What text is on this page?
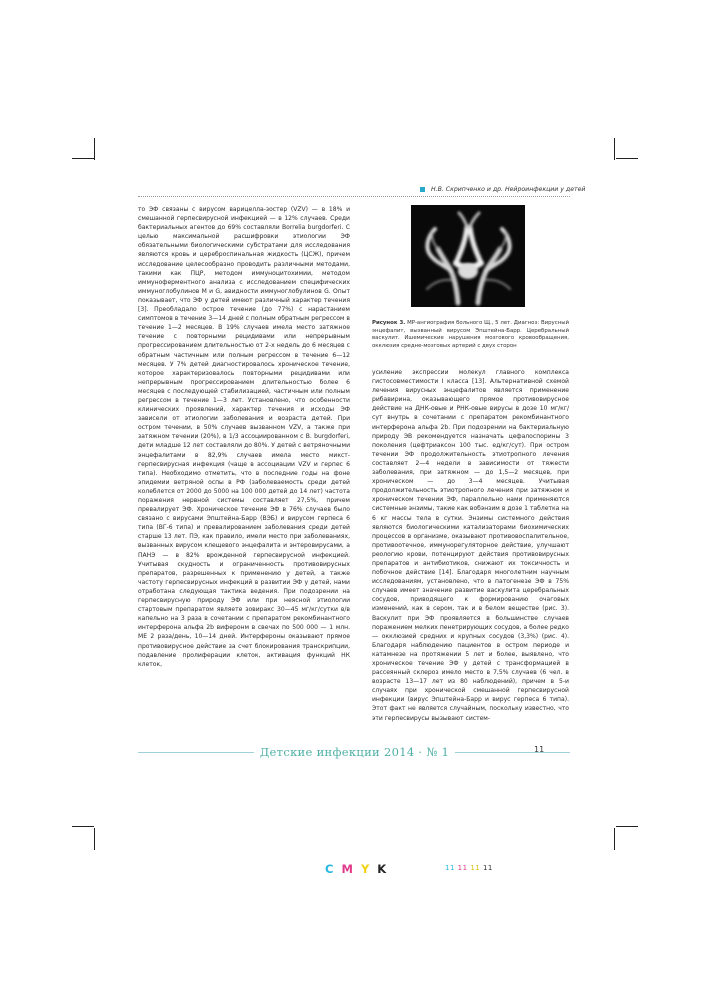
Н.В. Скрипченко и др. Нейроинфекции у детей

то ЭФ связаны с вирусом варицелла-зостер (VZV) — в 18% и смешанной герпесвирусной инфекцией — в 12% случаев. Среди бактериальных агентов до 69% составляли Borrelia burgdorferi. С целью максимальной расшифровки этиологии ЭФ обязательными биологическими субстратами для исследования являются кровь и цереброспинальная жидкость (ЦСЖ), причем исследование целесообразно проводить различными методами, такими как ПЦР, методом иммуноцитохимии, методом иммуноферментного анализа с исследованием специфических иммуноглобулинов M и G, авидности иммуноглобулинов G. Опыт показывает, что ЭФ у детей имеют различный характер течения [3]. Преобладало острое течение (до 77%) с нарастанием симптомов в течение 3—14 дней с полным обратным регрессом в течение 1—2 месяцев. В 19% случаев имела место затяжное течение с повторными рецидивами или непрерывным прогрессированием длительностью от 2-х недель до 6 месяцев с обратным частичным или полным регрессом в течение 6—12 месяцев. У 7% детей диагностировалось хроническое течение, которое характеризовалось повторными рецидивами или непрерывным прогрессированием длительностью более 6 месяцев с последующей стабилизацией, частичным или полным регрессом в течение 1—3 лет. Установлено, что особенности клинических проявлений, характер течения и исходы ЭФ зависели от этиологии заболевания и возраста детей. При остром течении, в 50% случаев вызванном VZV, а также при затяжном течении (20%), в 1/3 ассоциированном с B. burgdorferi, дети младше 12 лет составляли до 80%. У детей с ветряночными энцефалитами в 82,9% случаев имела место микст-герпесвирусная инфекция (чаще в ассоциации VZV и герпес 6 типа). Необходимо отметить, что в последние годы на фоне эпидемии ветряной оспы в РФ (заболеваемость среди детей колеблется от 2000 до 5000 на 100 000 детей до 14 лет) частота поражения нервной системы составляет 27,5%, причем превалирует ЭФ. Хроническое течение ЭФ в 76% случаев было связано с вирусами Эпштейна-Барр (ВЭБ) и вирусом герпеса 6 типа (ВГ-6 типа) и превалированием заболевания среди детей старше 13 лет. ПЭ, как правило, имели место при заболеваниях, вызванных вирусом клещевого энцефалита и энтеровирусами, а ПАНЭ — в 82% врожденной герпесвирусной инфекцией. Учитывая скудность и ограниченность противовирусных препаратов, разрешенных к применению у детей, а также частоту герпесвирусных инфекций в развитии ЭФ у детей, нами отработана следующая тактика ведения. При подозрении на герпесвирусную природу ЭФ или при неясной этиологии стартовым препаратом являете зовиракс 30—45 мг/кг/сутки в/в капельно на 3 раза в сочетании с препаратом рекомбинантного интерферона альфа 2b виферонм в свечах по 500 000 — 1 млн. МЕ 2 раза/день, 10—14 дней. Интерфероны оказывают прямое противовирусное действие за счет блокирования транскрипции, подавление пролиферации клеток, активация функций НК клеток,

Рисунок 3. МР-ангиография больного Щ., 5 лет. Диагноз: Вирусный энцефалит, вызванный вирусом Эпштейна-Барр. Церебральный васкулит. Ишемические нарушения мозгового кровообращения, окклюзия средне-мозговых артерий с двух сторон

усиление экспрессии молекул главного комплекса гистосовместимости I класса [13]. Альтернативной схемой лечения вирусных энцефалитов является применение рибавирина, оказывающего прямое противовирусное действие на ДНК-овые и РНК-овые вирусы в дозе 10 мг/кг/сут внутрь в сочетании с препаратом рекомбинантного интерферона альфа 2b. При подозрении на бактериальную природу ЭВ рекомендуется назначать цефалоспорины 3 поколения (цефтриаксон 100 тыс. ед/кг/сут). При остром течении ЭФ продолжительность этиотропного лечения составляет 2—4 недели в зависимости от тяжести заболевания, при затяжном — до 1,5—2 месяцев, при хроническом — до 3—4 месяцев. Учитывая продолжительность этиотропного лечения при затяжном и хроническом течении ЭФ, параллельно нами применяются системные энзимы, такие как вобэнзим в дозе 1 таблетка на 6 кг массы тела в сутки. Энзимы системного действия являются биологическими катализаторами биохимических процессов в организме, оказывают противовоспалительное, противоотечное, иммунорегуляторное действие, улучшают реологию крови, потенцируют действия противовирусных препаратов и антибиотиков, снижают их токсичность и побочное действие [14]. Благодаря многолетним научным исследованиям, установлено, что в патогенезе ЭФ в 75% случаев имеет значение развитие васкулита церебральных сосудов, приводящего к формированию очаговых изменений, как в сером, так и в белом веществе (рис. 3). Васкулит при ЭФ проявляется в большинстве случаев поражением мелких пенетрирующих сосудов, а более редко — окклюзией средних и крупных сосудов (3,3%) (рис. 4). Благодаря наблюдению пациентов в остром периоде и катамнезе на протяжении 5 лет и более, выявлено, что хроническое течение ЭФ у детей с трансформацией в рассеянный склероз имело место в 7,5% случаев (6 чел. в возрасте 13—17 лет из 80 наблюдений), причем в 5-и случаях при хронической смешанной герпесвирусной инфекции (вирус Эпштейна-Барр и вирус герпеса 6 типа). Этот факт не является случайным, поскольку известно, что эти герпесвирусы вызывают систем-

Детские инфекции 2014 · № 1	11
C M Y K	11 11 11 11
